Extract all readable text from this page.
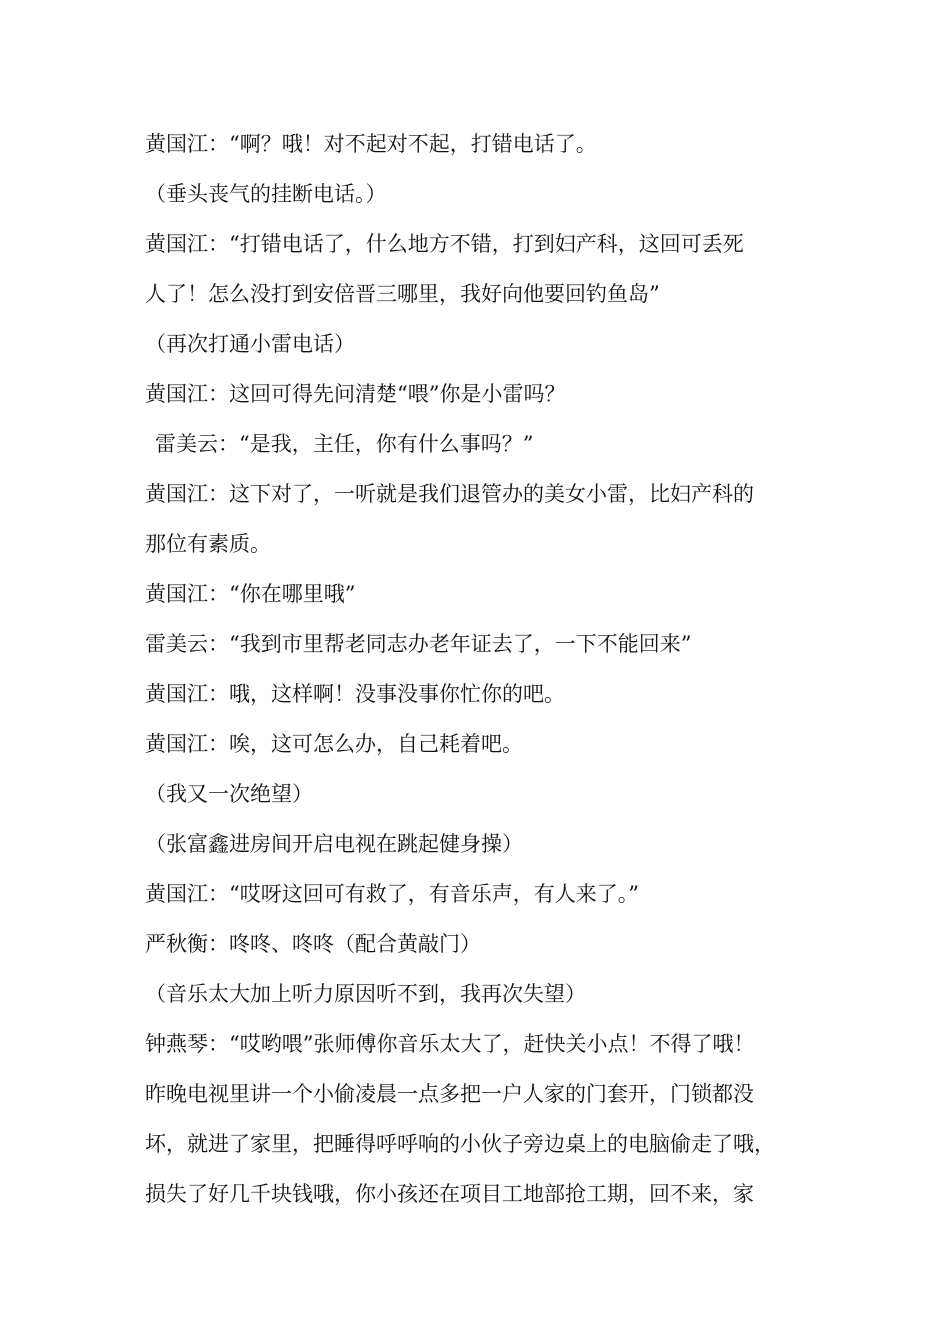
黄国江：“啊？哦！对不起对不起，打错电话了。
（垂头丧气的挂断电话。）
黄国江：“打错电话了，什么地方不错，打到妇产科，这回可丢死
人了！怎么没打到安倍晋三哪里，我好向他要回钓鱼岛”
（再次打通小雷电话）
黄国江：这回可得先问清楚“喂”你是小雷吗？
雷美云：“是我，主任，你有什么事吗？”
黄国江：这下对了，一听就是我们退管办的美女小雷，比妇产科的
那位有素质。
黄国江：“你在哪里哦”
雷美云：“我到市里帮老同志办老年证去了，一下不能回来”
黄国江：哦，这样啊！没事没事你忙你的吧。
黄国江：唉，这可怎么办，自己耗着吧。
（我又一次绝望）
（张富鑫进房间开启电视在跳起健身操）
黄国江：“哎呀这回可有救了，有音乐声，有人来了。”
严秋衡：咚咚、咚咚（配合黄敲门）
（音乐太大加上听力原因听不到，我再次失望）
钟燕琴：“哎哟喂”张师傅你音乐太大了，赶快关小点！不得了哦！
昨晚电视里讲一个小偷凌晨一点多把一户人家的门套开，门锁都没
坏，就进了家里，把睡得呼呼响的小伙子旁边桌上的电脑偷走了哦，
损失了好几千块钱哦，你小孩还在项目工地部抢工期，回不来，家
